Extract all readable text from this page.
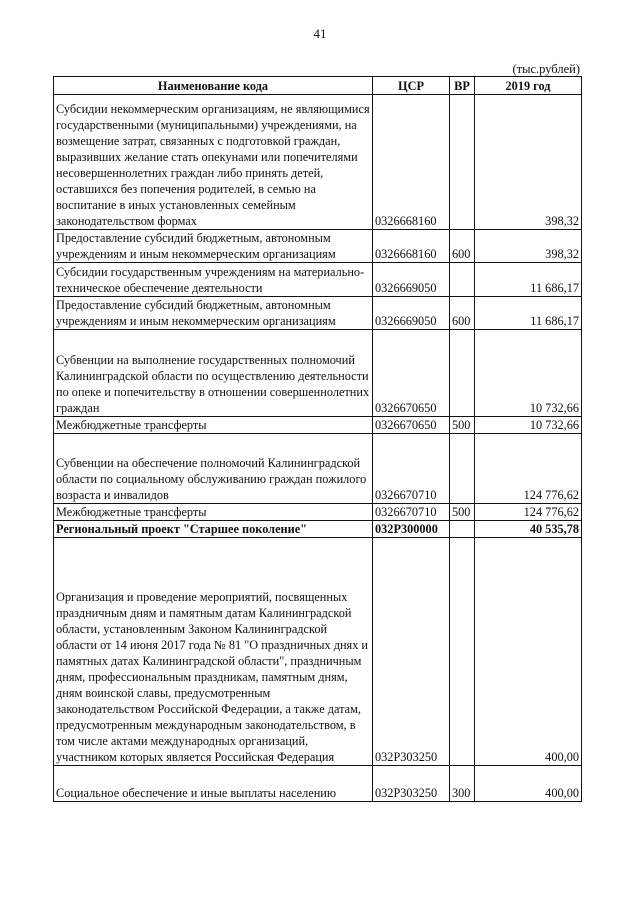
41
(тыс.рублей)
Наименование кода	ЦСР	ВР	2019 год
Субсидии некоммерческим организациям, не являющимися государственными (муниципальными) учреждениями, на возмещение затрат, связанных с подготовкой граждан, выразивших желание стать опекунами или попечителями несовершеннолетних граждан либо принять детей, оставшихся без попечения родителей, в семью на воспитание в иных установленных семейным законодательством формах	0326668160		398,32
Предоставление субсидий бюджетным, автономным учреждениям и иным некоммерческим организациям	0326668160	600	398,32
Субсидии государственным учреждениям на материально-техническое обеспечение деятельности	0326669050		11 686,17
Предоставление субсидий бюджетным, автономным учреждениям и иным некоммерческим организациям	0326669050	600	11 686,17
Субвенции на выполнение государственных полномочий Калининградской области по осуществлению деятельности по опеке и попечительству в отношении совершеннолетних граждан	0326670650		10 732,66
Межбюджетные трансферты	0326670650	500	10 732,66
Субвенции на обеспечение полномочий Калининградской области по социальному обслуживанию граждан пожилого возраста и инвалидов	0326670710		124 776,62
Межбюджетные трансферты	0326670710	500	124 776,62
Региональный проект "Старшее поколение"	032P300000		40 535,78
Организация и проведение мероприятий, посвященных праздничным дням и памятным датам Калининградской области, установленным Законом Калининградской области от 14 июня 2017 года № 81 "О праздничных днях и памятных датах Калининградской области", праздничным дням, профессиональным праздникам, памятным дням, дням воинской славы, предусмотренным законодательством Российской Федерации, а также датам, предусмотренным международным законодательством, в том числе актами международных организаций, участником которых является Российская Федерация	032P303250		400,00
Социальное обеспечение и иные выплаты населению	032P303250	300	400,00
